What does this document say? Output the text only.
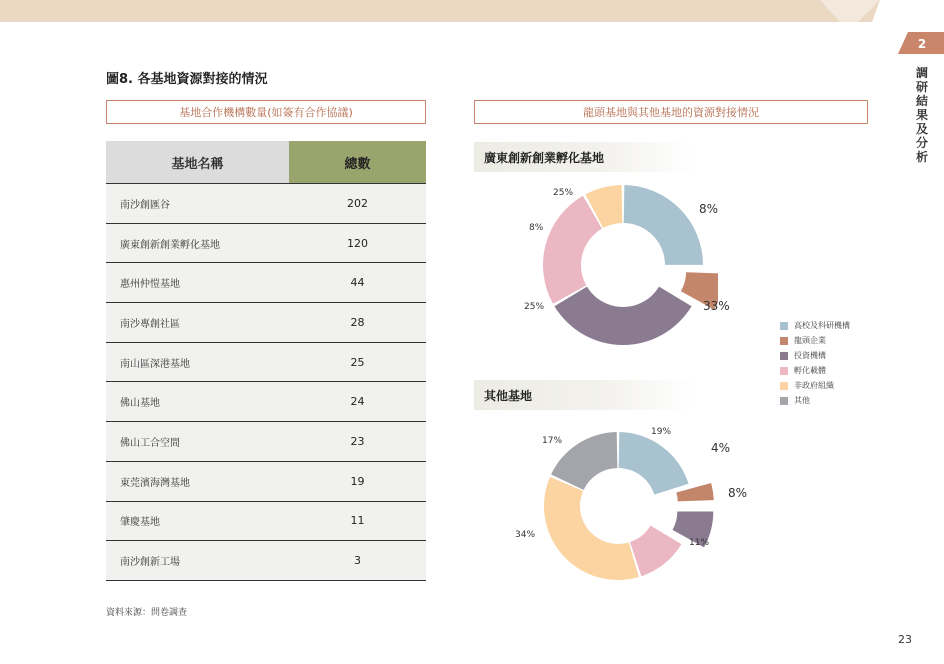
2
調
研
結
果
及
分
析
圖8. 各基地資源對接的情況
基地合作機構數量(如簽有合作協議)	龍頭基地與其他基地的資源對接情況
基地名稱	總數
南沙創匯谷	202
廣東創新創業孵化基地	120
惠州仲愷基地	44
南沙專創社區	28
南山區深港基地	25
佛山基地	24
佛山工合空間	23
東莞濱海灣基地	19
肇慶基地	11
南沙創新工場	3
廣東創新創業孵化基地
25%
8%
33%
25%
8%
其他基地
19%
4%
8%
11%
34%
17%
高校及科研機構
龍頭企業
投資機構
孵化載體
非政府組織
其他
資料來源：問卷調查
23
